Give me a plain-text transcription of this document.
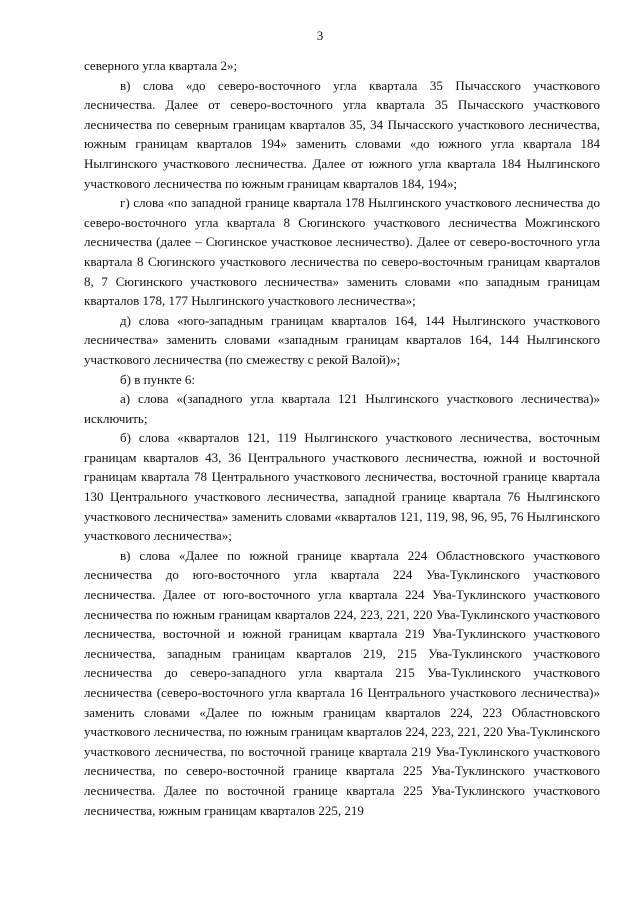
3

северного угла квартала 2»;

в) слова «до северо-восточного угла квартала 35 Пычасского участкового лесничества. Далее от северо-восточного угла квартала 35 Пычасского участкового лесничества по северным границам кварталов 35, 34 Пычасского участкового лесничества, южным границам кварталов 194» заменить словами «до южного угла квартала 184 Нылгинского участкового лесничества. Далее от южного угла квартала 184 Нылгинского участкового лесничества по южным границам кварталов 184, 194»;

г) слова «по западной границе квартала 178 Нылгинского участкового лесничества до северо-восточного угла квартала 8 Сюгинского участкового лесничества Можгинского лесничества (далее – Сюгинское участковое лесничество). Далее от северо-восточного угла квартала 8 Сюгинского участкового лесничества по северо-восточным границам кварталов 8, 7 Сюгинского участкового лесничества» заменить словами «по западным границам кварталов 178, 177 Нылгинского участкового лесничества»;

д) слова «юго-западным границам кварталов 164, 144 Нылгинского участкового лесничества» заменить словами «западным границам кварталов 164, 144 Нылгинского участкового лесничества (по смежеству с рекой Валой)»;

б) в пункте 6:

а) слова «(западного угла квартала 121 Нылгинского участкового лесничества)» исключить;

б) слова «кварталов 121, 119 Нылгинского участкового лесничества, восточным границам кварталов 43, 36 Центрального участкового лесничества, южной и восточной границам квартала 78 Центрального участкового лесничества, восточной границе квартала 130 Центрального участкового лесничества, западной границе квартала 76 Нылгинского участкового лесничества» заменить словами «кварталов 121, 119, 98, 96, 95, 76 Нылгинского участкового лесничества»;

в) слова «Далее по южной границе квартала 224 Областновского участкового лесничества до юго-восточного угла квартала 224 Ува-Туклинского участкового лесничества. Далее от юго-восточного угла квартала 224 Ува-Туклинского участкового лесничества по южным границам кварталов 224, 223, 221, 220 Ува-Туклинского участкового лесничества, восточной и южной границам квартала 219 Ува-Туклинского участкового лесничества, западным границам кварталов 219, 215 Ува-Туклинского участкового лесничества до северо-западного угла квартала 215 Ува-Туклинского участкового лесничества (северо-восточного угла квартала 16 Центрального участкового лесничества)» заменить словами «Далее по южным границам кварталов 224, 223 Областновского участкового лесничества, по южным границам кварталов 224, 223, 221, 220 Ува-Туклинского участкового лесничества, по восточной границе квартала 219 Ува-Туклинского участкового лесничества, по северо-восточной границе квартала 225 Ува-Туклинского участкового лесничества. Далее по восточной границе квартала 225 Ува-Туклинского участкового лесничества, южным границам кварталов 225, 219
